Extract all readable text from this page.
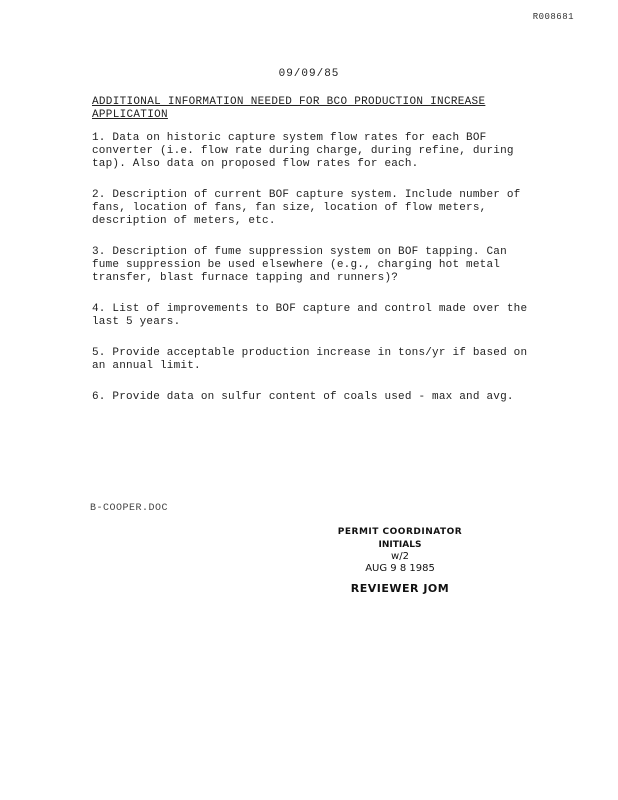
R008681
09/09/85
ADDITIONAL INFORMATION NEEDED FOR BCO PRODUCTION INCREASE APPLICATION
1. Data on historic capture system flow rates for each BOF converter (i.e. flow rate during charge, during refine, during tap). Also data on proposed flow rates for each.
2. Description of current BOF capture system. Include number of fans, location of fans, fan size, location of flow meters, description of meters, etc.
3. Description of fume suppression system on BOF tapping. Can fume suppression be used elsewhere (e.g., charging hot metal transfer, blast furnace tapping and runners)?
4. List of improvements to BOF capture and control made over the last 5 years.
5. Provide acceptable production increase in tons/yr if based on an annual limit.
6. Provide data on sulfur content of coals used - max and avg.
B-COOPER.DOC
PERMIT COORDINATOR
INITIALS
w/2
AUG 9 8 1985
REVIEWER JOM
